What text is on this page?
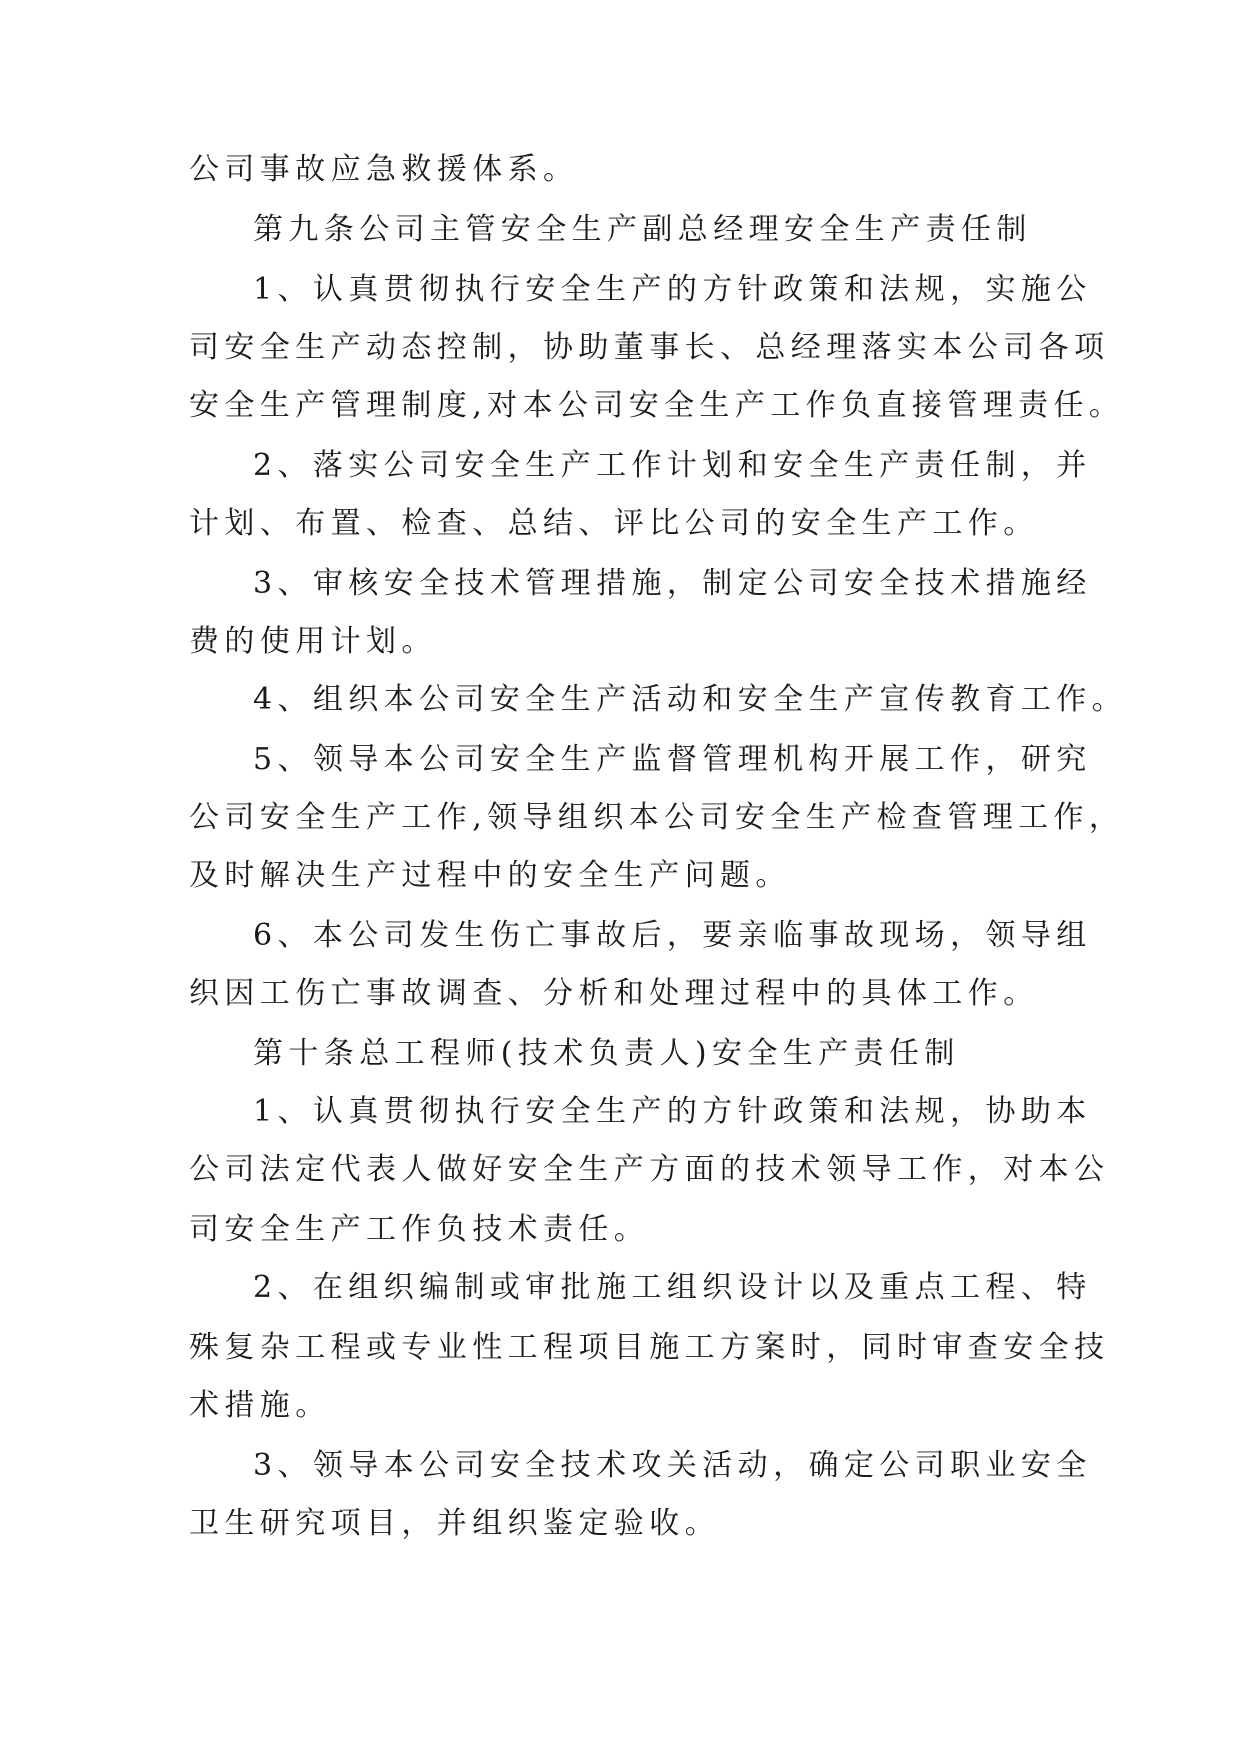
公司事故应急救援体系。
第九条公司主管安全生产副总经理安全生产责任制
1、认真贯彻执行安全生产的方针政策和法规，实施公
司安全生产动态控制，协助董事长、总经理落实本公司各项
安全生产管理制度,对本公司安全生产工作负直接管理责任。
2、落实公司安全生产工作计划和安全生产责任制，并
计划、布置、检查、总结、评比公司的安全生产工作。
3、审核安全技术管理措施，制定公司安全技术措施经
费的使用计划。
4、组织本公司安全生产活动和安全生产宣传教育工作。
5、领导本公司安全生产监督管理机构开展工作，研究
公司安全生产工作,领导组织本公司安全生产检查管理工作，
及时解决生产过程中的安全生产问题。
6、本公司发生伤亡事故后，要亲临事故现场，领导组
织因工伤亡事故调查、分析和处理过程中的具体工作。
第十条总工程师(技术负责人)安全生产责任制
1、认真贯彻执行安全生产的方针政策和法规，协助本
公司法定代表人做好安全生产方面的技术领导工作，对本公
司安全生产工作负技术责任。
2、在组织编制或审批施工组织设计以及重点工程、特
殊复杂工程或专业性工程项目施工方案时，同时审查安全技
术措施。
3、领导本公司安全技术攻关活动，确定公司职业安全
卫生研究项目，并组织鉴定验收。
